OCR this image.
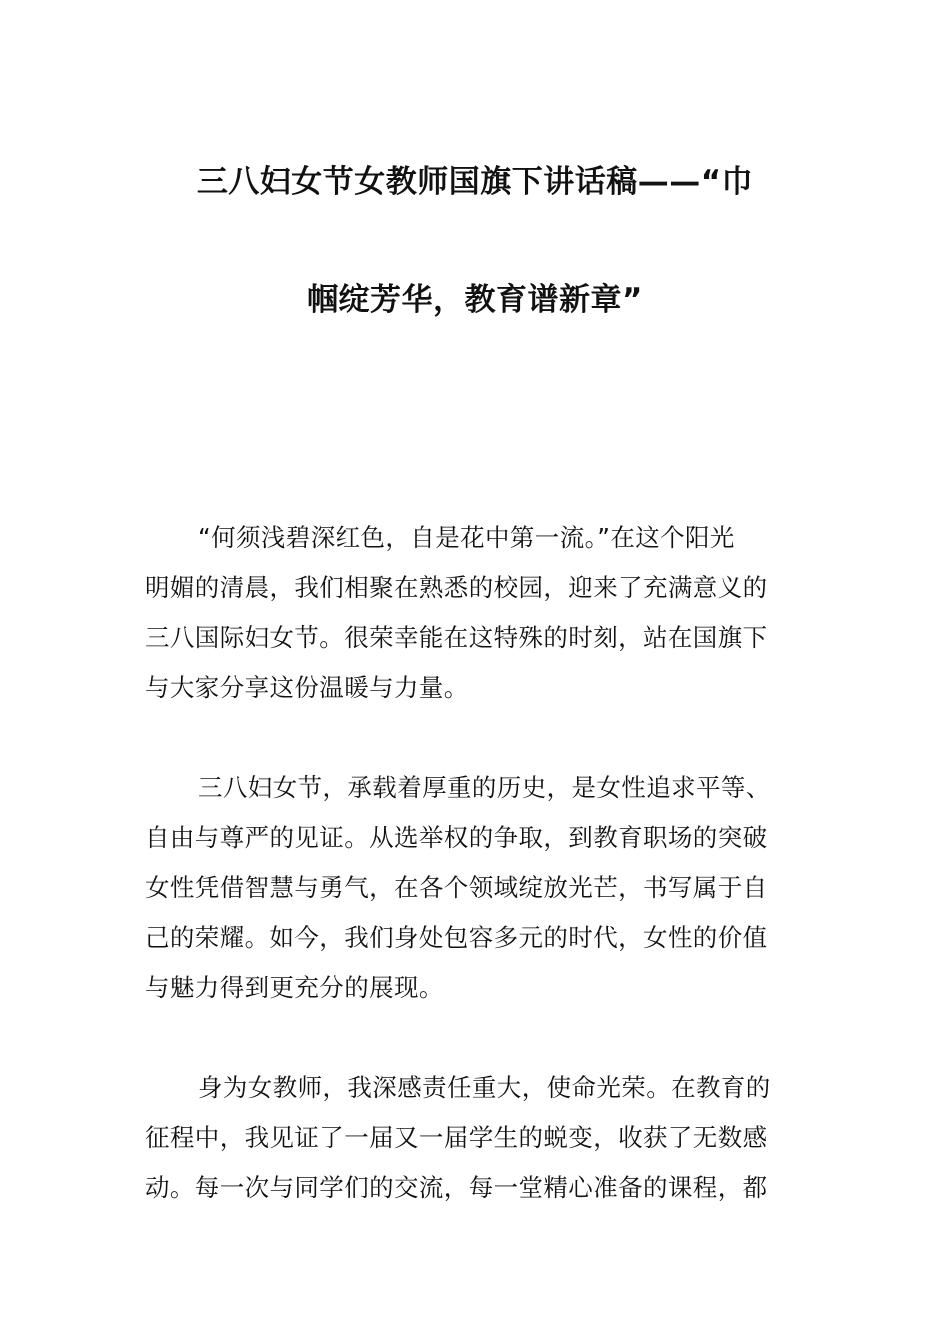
三八妇女节女教师国旗下讲话稿——“巾
帼绽芳华，教育谱新章”
“何须浅碧深红色，自是花中第一流。”在这个阳光
明媚的清晨，我们相聚在熟悉的校园，迎来了充满意义的
三八国际妇女节。很荣幸能在这特殊的时刻，站在国旗下
与大家分享这份温暖与力量。
三八妇女节，承载着厚重的历史，是女性追求平等、
自由与尊严的见证。从选举权的争取，到教育职场的突破
女性凭借智慧与勇气，在各个领域绽放光芒，书写属于自
己的荣耀。如今，我们身处包容多元的时代，女性的价值
与魅力得到更充分的展现。
身为女教师，我深感责任重大，使命光荣。在教育的
征程中，我见证了一届又一届学生的蜕变，收获了无数感
动。每一次与同学们的交流，每一堂精心准备的课程，都
